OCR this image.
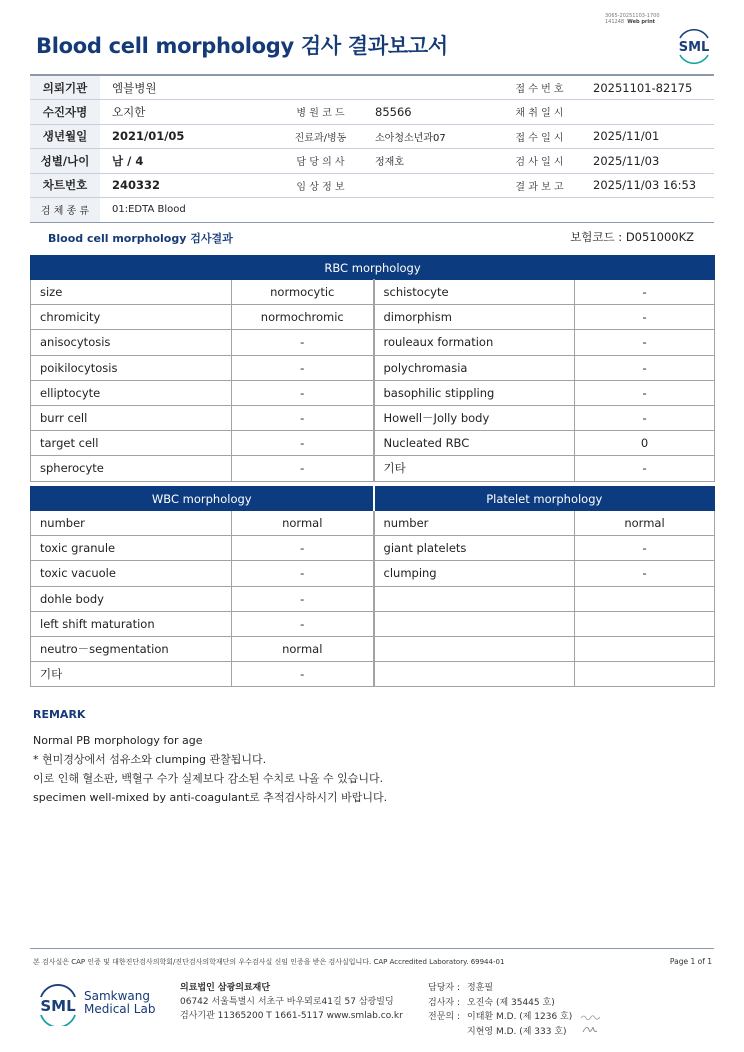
3065-20251103-1700
141248 Web print
Blood cell morphology 검사 결과보고서	SML
의뢰기관	엠블병원			접 수 번 호	20251101-82175
수진자명	오지한	병 원 코 드	85566	채 취 일 시	
생년월일	2021/01/05	진료과/병동	소아청소년과07	접 수 일 시	2025/11/01
성별/나이	남 / 4	담 당 의 사	정재호	검 사 일 시	2025/11/03
차트번호	240332	임 상 정 보		결 과 보 고	2025/11/03 16:53
검 체 종 류	01:EDTA Blood				
Blood cell morphology 검사결과	보험코드 : D051000KZ
RBC morphology			
size	normocytic	schistocyte	-
chromicity	normochromic	dimorphism	-
anisocytosis	-	rouleaux formation	-
poikilocytosis	-	polychromasia	-
elliptocyte	-	basophilic stippling	-
burr cell	-	Howell－Jolly body	-
target cell	-	Nucleated RBC	0
spherocyte	-	기타	-
WBC morphology		Platelet morphology	
number	normal	number	normal
toxic granule	-	giant platelets	-
toxic vacuole	-	clumping	-
dohle body	-		
left shift maturation	-		
neutro－segmentation	normal		
기타	-		
REMARK
Normal PB morphology for age
* 현미경상에서 섬유소와 clumping 관찰됩니다.
이로 인해 혈소판, 백혈구 수가 실제보다 감소된 수치로 나올 수 있습니다.
specimen well-mixed by anti-coagulant로 추적검사하시기 바랍니다.
본 검사실은 CAP 인증 및 대한진단검사의학회/진단검사의학재단의 우수검사실 신임 인증을 받은 검사실입니다. CAP Accredited Laboratory. 69944-01	Page 1 of 1
SML
Samkwang
Medical Lab
의료법인 삼광의료재단
06742 서울특별시 서초구 바우뫼로41길 57 삼광빌딩
검사기관 11365200 T 1661-5117 www.smlab.co.kr
담당자 : 정훈필
검사자 : 오진숙 (제 35445 호)
전문의 : 이태환 M.D. (제 1236 호)
지현영 M.D. (제 333 호)
